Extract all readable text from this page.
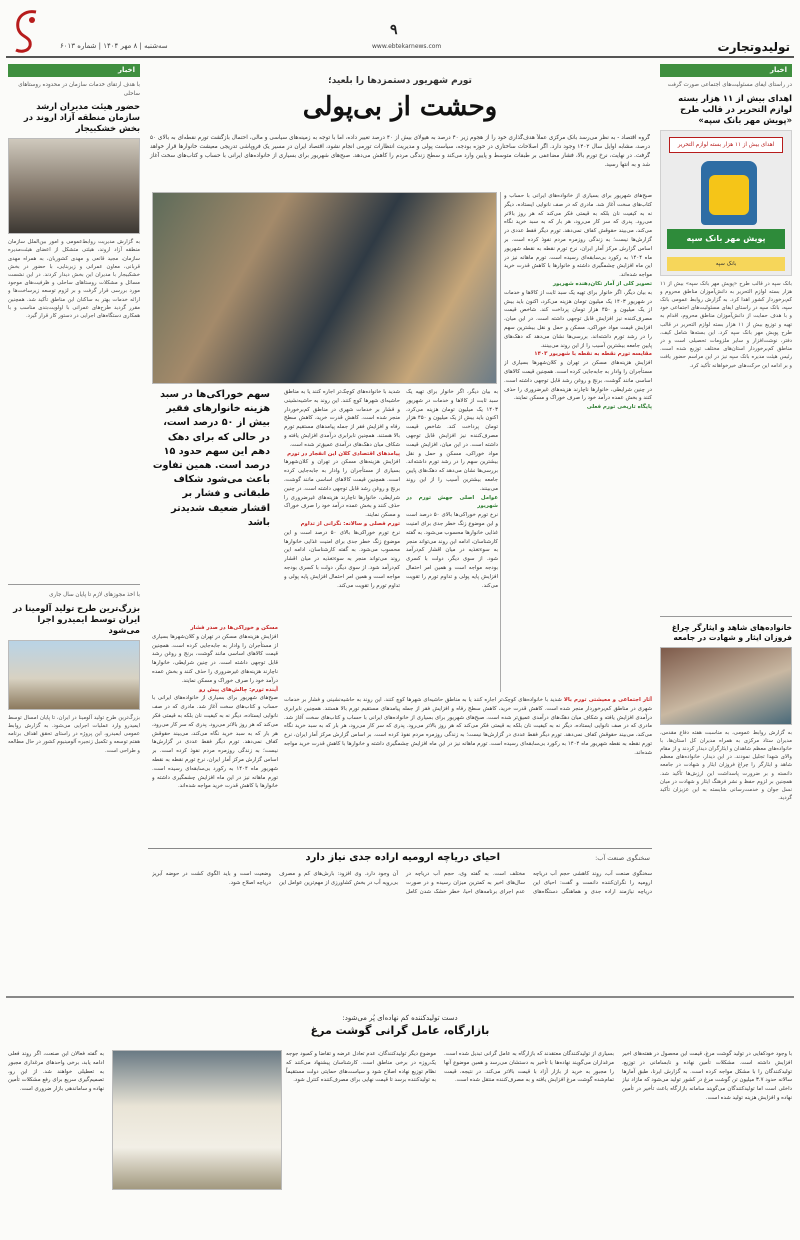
سه‌شنبه | ۸ مهر ۱۴۰۴ | شماره ۶۰۱۳
۹
www.ebtekarnews.com	تولیدوتجارت
اخبار
در راستای ایفای مسئولیت‌های اجتماعی صورت گرفت
اهدای بیش از ۱۱ هزار بسته لوازم التحریر در قالب طرح «پویش مهر بانک سپه»
اهدای بیش از ۱۱ هزار بسته لوازم التحریر
پویش مهر بانک سپه
بانک سپه
بانک سپه در قالب طرح «پویش مهر بانک سپه» بیش از ۱۱ هزار بسته لوازم التحریر به دانش‌آموزان مناطق محروم و کم‌برخوردار کشور اهدا کرد. به گزارش روابط عمومی بانک سپه، بانک سپه در راستای ایفای مسئولیت‌های اجتماعی خود و با هدف حمایت از دانش‌آموزان مناطق محروم، اقدام به تهیه و توزیع بیش از ۱۱ هزار بسته لوازم التحریر در قالب طرح پویش مهر بانک سپه کرد. این بسته‌ها شامل کیف، دفتر، نوشت‌افزار و سایر ملزومات تحصیلی است و در مناطق کم‌برخوردار استان‌های مختلف توزیع شده است. رئیس هیئت مدیره بانک سپه نیز در این مراسم حضور یافت و بر ادامه این حرکت‌های خیرخواهانه تأکید کرد.
خانواده‌های شاهد و ایثارگر چراغ فروزان ایثار و شهادت در جامعه
به گزارش روابط عمومی، به مناسبت هفته دفاع مقدس، مدیران ستاد مرکزی به همراه مدیران کل استان‌ها، با خانواده‌های معظم شاهدان و ایثارگران دیدار کردند و از مقام والای شهدا تجلیل نمودند. در این دیدار، خانواده‌های معظم شاهد و ایثارگر را چراغ فروزان ایثار و شهادت در جامعه دانسته و بر ضرورت پاسداشت این ارزش‌ها تأکید شد. همچنین بر لزوم حفظ و نشر فرهنگ ایثار و شهادت در میان نسل جوان و خدمت‌رسانی شایسته به این عزیزان تأکید گردید.
اخبار
با هدف ارتقای خدمات سازمان در محدوده روستاهای ساحلی
حضور هیئت مدیران ارشد سازمان منطقه آزاد اروند در بخش خشکبیجار
به گزارش مدیریت روابط‌عمومی و امور بین‌الملل سازمان منطقه آزاد اروند، هیئتی متشکل از اعضای هیئت‌مدیره سازمان، مجید قانعی و مهدی کشوریان، به همراه مهدی قربانی، معاون عمرانی و زیربنایی، با حضور در بخش خشکبیجار با مدیران این بخش دیدار کردند. در این نشست مسائل و مشکلات روستاهای ساحلی و ظرفیت‌های موجود مورد بررسی قرار گرفت و بر لزوم توسعه زیرساخت‌ها و ارائه خدمات بهتر به ساکنان این مناطق تأکید شد. همچنین مقرر گردید طرح‌های عمرانی با اولویت‌بندی مناسب و با همکاری دستگاه‌های اجرایی در دستور کار قرار گیرد.
با اخذ مجوزهای لازم تا پایان سال جاری
بزرگ‌ترین طرح تولید آلومینا در ایران توسط ایمیدرو اجرا می‌شود
بزرگ‌ترین طرح تولید آلومینا در ایران، تا پایان امسال توسط ایمیدرو وارد عملیات اجرایی می‌شود. به گزارش روابط عمومی ایمیدرو، این پروژه در راستای تحقق اهداف برنامه هفتم توسعه و تکمیل زنجیره آلومینیوم کشور در حال مطالعه و طراحی است.
تورم شهریور دستمزدها را بلعید؛
وحشت از بی‌پولی
گروه اقتصاد - به نظر می‌رسد بانک مرکزی عملاً هدف‌گذاری خود را از هجوم زیر ۴۰ درصد به هیولای بیش از ۴۰ درصد تغییر داده، اما با توجه به زمینه‌های سیاسی و مالی، احتمال بازگشت تورم نقطه‌ای به بالای ۵۰ درصد، مشابه اوایل سال ۱۴۰۲ وجود دارد. اگر اصلاحات ساختاری در حوزه بودجه، سیاست پولی و مدیریت انتظارات تورمی انجام نشود، اقتصاد ایران در مسیر یک فروپاشی تدریجی معیشت خانوارها قرار خواهد گرفت. در نهایت، نرخ تورم بالا، فشار مضاعفی بر طبقات متوسط و پایین وارد می‌کند و سطح زندگی مردم را کاهش می‌دهد. صبح‌های شهریور برای بسیاری از خانواده‌های ایرانی با حساب و کتاب‌های سخت آغاز شد و به انتها رسید.
سهم خوراکی‌ها در سبد هزینه خانوارهای فقیر بیش از ۵۰ درصد است، در حالی که برای دهک دهم این سهم حدود ۱۵ درصد است. همین تفاوت باعث می‌شود شکاف طبقاتی و فشار بر اقشار ضعیف شدیدتر باشد
صبح‌های شهریور برای بسیاری از خانواده‌های ایرانی با حساب و کتاب‌های سخت آغاز شد. مادری که در صف نانوایی ایستاده، دیگر نه به کیفیت نان بلکه به قیمتی فکر می‌کند که هر روز بالاتر می‌رود. پدری که سر کار می‌رود، هر بار که به سبد خرید نگاه می‌کند، می‌بیند حقوقش کفاف نمی‌دهد. تورم دیگر فقط عددی در گزارش‌ها نیست؛ به زندگی روزمره مردم نفوذ کرده است. بر اساس گزارش مرکز آمار ایران، نرخ تورم نقطه به نقطه شهریور ماه ۱۴۰۴ به رکورد بی‌سابقه‌ای رسیده است. تورم ماهانه نیز در این ماه افزایش چشمگیری داشته و خانوارها با کاهش قدرت خرید مواجه شده‌اند.
تصویر کلی از آمار تکان‌دهنده شهریور
به بیان دیگر، اگر خانوار برای تهیه یک سبد ثابت از کالاها و خدمات در شهریور ۱۴۰۳ یک میلیون تومان هزینه می‌کرد، اکنون باید بیش از یک میلیون و ۴۵۰ هزار تومان پرداخت کند. شاخص قیمت مصرف‌کننده نیز افزایش قابل توجهی داشته است. در این میان، افزایش قیمت مواد خوراکی، مسکن و حمل و نقل بیشترین سهم را در رشد تورم داشته‌اند. بررسی‌ها نشان می‌دهد که دهک‌های پایین جامعه بیشترین آسیب را از این روند می‌بینند.
مقایسه تورم نقطه به نقطه با شهریور ۱۴۰۳
افزایش هزینه‌های مسکن در تهران و کلان‌شهرها بسیاری از مستأجران را وادار به جابه‌جایی کرده است. همچنین قیمت کالاهای اساسی مانند گوشت، برنج و روغن رشد قابل توجهی داشته است. در چنین شرایطی، خانوارها ناچارند هزینه‌های غیرضروری را حذف کنند و بخش عمده درآمد خود را صرف خوراک و مسکن نمایند.
پایگاه تاریخی تورم فعلی
به بیان دیگر، اگر خانوار برای تهیه یک سبد ثابت از کالاها و خدمات در شهریور ۱۴۰۳ یک میلیون تومان هزینه می‌کرد، اکنون باید بیش از یک میلیون و ۴۵۰ هزار تومان پرداخت کند. شاخص قیمت مصرف‌کننده نیز افزایش قابل توجهی داشته است. در این میان، افزایش قیمت مواد خوراکی، مسکن و حمل و نقل بیشترین سهم را در رشد تورم داشته‌اند. بررسی‌ها نشان می‌دهد که دهک‌های پایین جامعه بیشترین آسیب را از این روند می‌بینند.
عوامل اصلی جهش تورم در شهریور
نرخ تورم خوراکی‌ها بالای ۵۰ درصد است و این موضوع زنگ خطر جدی برای امنیت غذایی خانوارها محسوب می‌شود. به گفته کارشناسان، ادامه این روند می‌تواند منجر به سوءتغذیه در میان اقشار کم‌درآمد شود. از سوی دیگر، دولت با کسری بودجه مواجه است و همین امر احتمال افزایش پایه پولی و تداوم تورم را تقویت می‌کند.
شدید با خانواده‌های کوچک‌تر اجاره کنند یا به مناطق حاشیه‌ای شهرها کوچ کنند. این روند به حاشیه‌نشینی و فشار بر خدمات شهری در مناطق کم‌برخوردار منجر شده است. کاهش قدرت خرید، کاهش سطح رفاه و افزایش فقر از جمله پیامدهای مستقیم تورم بالا هستند. همچنین نابرابری درآمدی افزایش یافته و شکاف میان دهک‌های درآمدی عمیق‌تر شده است.
پیامدهای اقتصادی کلان این انفجار در تورم
افزایش هزینه‌های مسکن در تهران و کلان‌شهرها بسیاری از مستأجران را وادار به جابه‌جایی کرده است. همچنین قیمت کالاهای اساسی مانند گوشت، برنج و روغن رشد قابل توجهی داشته است. در چنین شرایطی، خانوارها ناچارند هزینه‌های غیرضروری را حذف کنند و بخش عمده درآمد خود را صرف خوراک و مسکن نمایند.
تورم فصلی و سالانه: نگرانی از تداوم
نرخ تورم خوراکی‌ها بالای ۵۰ درصد است و این موضوع زنگ خطر جدی برای امنیت غذایی خانوارها محسوب می‌شود. به گفته کارشناسان، ادامه این روند می‌تواند منجر به سوءتغذیه در میان اقشار کم‌درآمد شود. از سوی دیگر، دولت با کسری بودجه مواجه است و همین امر احتمال افزایش پایه پولی و تداوم تورم را تقویت می‌کند.
مسکن و خوراکی‌ها در صدر فشار
افزایش هزینه‌های مسکن در تهران و کلان‌شهرها بسیاری از مستأجران را وادار به جابه‌جایی کرده است. همچنین قیمت کالاهای اساسی مانند گوشت، برنج و روغن رشد قابل توجهی داشته است. در چنین شرایطی، خانوارها ناچارند هزینه‌های غیرضروری را حذف کنند و بخش عمده درآمد خود را صرف خوراک و مسکن نمایند.
آینده تورم: چالش‌های پیش رو
صبح‌های شهریور برای بسیاری از خانواده‌های ایرانی با حساب و کتاب‌های سخت آغاز شد. مادری که در صف نانوایی ایستاده، دیگر نه به کیفیت نان بلکه به قیمتی فکر می‌کند که هر روز بالاتر می‌رود. پدری که سر کار می‌رود، هر بار که به سبد خرید نگاه می‌کند، می‌بیند حقوقش کفاف نمی‌دهد. تورم دیگر فقط عددی در گزارش‌ها نیست؛ به زندگی روزمره مردم نفوذ کرده است. بر اساس گزارش مرکز آمار ایران، نرخ تورم نقطه به نقطه شهریور ماه ۱۴۰۴ به رکورد بی‌سابقه‌ای رسیده است. تورم ماهانه نیز در این ماه افزایش چشمگیری داشته و خانوارها با کاهش قدرت خرید مواجه شده‌اند.
آثار اجتماعی و معیشتی تورم بالا شدید با خانواده‌های کوچک‌تر اجاره کنند یا به مناطق حاشیه‌ای شهرها کوچ کنند. این روند به حاشیه‌نشینی و فشار بر خدمات شهری در مناطق کم‌برخوردار منجر شده است. کاهش قدرت خرید، کاهش سطح رفاه و افزایش فقر از جمله پیامدهای مستقیم تورم بالا هستند. همچنین نابرابری درآمدی افزایش یافته و شکاف میان دهک‌های درآمدی عمیق‌تر شده است. صبح‌های شهریور برای بسیاری از خانواده‌های ایرانی با حساب و کتاب‌های سخت آغاز شد. مادری که در صف نانوایی ایستاده، دیگر نه به کیفیت نان بلکه به قیمتی فکر می‌کند که هر روز بالاتر می‌رود. پدری که سر کار می‌رود، هر بار که به سبد خرید نگاه می‌کند، می‌بیند حقوقش کفاف نمی‌دهد. تورم دیگر فقط عددی در گزارش‌ها نیست؛ به زندگی روزمره مردم نفوذ کرده است. بر اساس گزارش مرکز آمار ایران، نرخ تورم نقطه به نقطه شهریور ماه ۱۴۰۴ به رکورد بی‌سابقه‌ای رسیده است. تورم ماهانه نیز در این ماه افزایش چشمگیری داشته و خانوارها با کاهش قدرت خرید مواجه شده‌اند.
سخنگوی صنعت آب:
احیای دریاچه ارومیه اراده جدی نیاز دارد
سخنگوی صنعت آب، روند کاهشی حجم آب دریاچه ارومیه را نگران‌کننده دانست و گفت: احیای این دریاچه نیازمند اراده جدی و هماهنگی دستگاه‌های مختلف است. به گفته وی، حجم آب دریاچه در سال‌های اخیر به کمترین میزان رسیده و در صورت عدم اجرای برنامه‌های احیا، خطر خشک شدن کامل آن وجود دارد. وی افزود: بارش‌های کم و مصرف بی‌رویه آب در بخش کشاورزی از مهم‌ترین عوامل این وضعیت است و باید الگوی کشت در حوضه آبریز دریاچه اصلاح شود.
دست تولیدکننده کم نهاده‌ای پُر می‌شود:
بازارگاه، عامل گرانی گوشت مرغ
با وجود خودکفایی در تولید گوشت مرغ، قیمت این محصول در هفته‌های اخیر افزایش داشته است. مشکلات تأمین نهاده و نابسامانی در توزیع، تولیدکنندگان را با مشکل مواجه کرده است. به گزارش ایرنا، طبق آمارها سالانه حدود ۳.۷ میلیون تن گوشت مرغ در کشور تولید می‌شود که مازاد نیاز داخلی است اما تولیدکنندگان می‌گویند سامانه بازارگاه باعث تأخیر در تأمین نهاده و افزایش هزینه تولید شده است.
بسیاری از تولیدکنندگان معتقدند که بازارگاه به عامل گرانی تبدیل شده است. مرغداران می‌گویند نهاده‌ها با تأخیر به دستشان می‌رسد و همین موضوع آنها را مجبور به خرید از بازار آزاد با قیمت بالاتر می‌کند. در نتیجه، قیمت تمام‌شده گوشت مرغ افزایش یافته و به مصرف‌کننده منتقل شده است.
موضوع دیگر تولیدکنندگان، عدم تعادل عرضه و تقاضا و کمبود جوجه یک‌روزه در برخی مناطق است. کارشناسان پیشنهاد می‌کنند که نظام توزیع نهاده اصلاح شود و سیاست‌های حمایتی دولت مستقیماً به تولیدکننده برسد تا قیمت نهایی برای مصرف‌کننده کنترل شود.
به گفته فعالان این صنعت، اگر روند فعلی ادامه یابد، برخی واحدهای مرغداری مجبور به تعطیلی خواهند شد. از این رو، تصمیم‌گیری سریع برای رفع مشکلات تأمین نهاده و ساماندهی بازار ضروری است.
